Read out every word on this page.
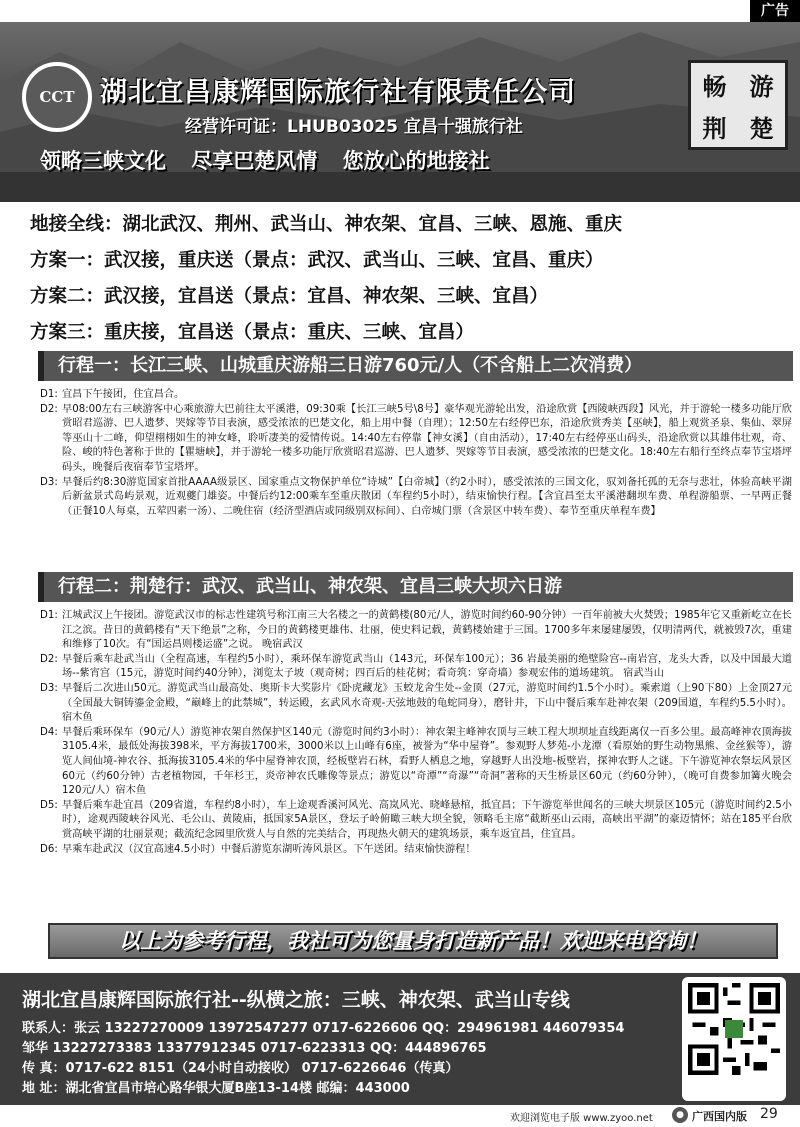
广告
CCT 湖北宜昌康辉国际旅行社有限责任公司
经营许可证：LHUB03025 宜昌十强旅行社
领略三峡文化 尽享巴楚风情 您放心的地接社
畅 游
荆 楚
地接全线：湖北武汉、荆州、武当山、神农架、宜昌、三峡、恩施、重庆
方案一：武汉接，重庆送（景点：武汉、武当山、三峡、宜昌、重庆）
方案二：武汉接，宜昌送（景点：宜昌、神农架、三峡、宜昌）
方案三：重庆接，宜昌送（景点：重庆、三峡、宜昌）
行程一：长江三峡、山城重庆游船三日游760元/人（不含船上二次消费）
D1: 宜昌下午接团，住宜昌合。
D2: 早08:00左右三峡游客中心乘旅游大巴前往太平溪港，09:30乘【长江三峡5号\8号】豪华观光游轮出发，沿途欣赏【西陵峡西段】风光，并于游轮一楼多功能厅欣赏昭君巡游、巴人遗梦、哭嫁等节目表演，感受浓浓的巴楚文化，船上用中餐（自理）；12:50左右经停巴东，沿途欣赏秀美【巫峡】，船上观赏圣泉、集仙、翠屏等巫山十二峰，仰望栩栩如生的神女峰，聆听凄美的爱情传说。14:40左右停靠【神女溪】（自由活动），17:40左右经停巫山码头，沿途欣赏以其雄伟壮观，奇、险、峻的特色著称于世的【瞿塘峡】，并于游轮一楼多功能厅欣赏昭君巡游、巴人遗梦、哭嫁等节目表演，感受浓浓的巴楚文化。18:40左右船行至终点奉节宝塔坪码头，晚餐后夜宿奉节宝塔坪。
D3: 早餐后约8:30游览国家首批AAAA级景区、国家重点文物保护单位“诗城”【白帝城】（约2小时），感受浓浓的三国文化，驭刘备托孤的无奈与悲壮，体验高峡平湖后新盆景式岛屿景观，近观夔门雄姿。中餐后约12:00乘车至重庆散团（车程约5小时），结束愉快行程。【含宜昌至太平溪港翻坝车费、单程游船票、一早两正餐（正餐10人每桌，五荤四素一汤）、二晚住宿（经济型酒店或同级别双标间）、白帝城门票（含景区中转车费）、奉节至重庆单程车费】
行程二：荆楚行：武汉、武当山、神农架、宜昌三峡大坝六日游
D1: 江城武汉上午接团。游览武汉市的标志性建筑号称江南三大名楼之一的黄鹤楼(80元/人，游览时间约60-90分钟）一百年前被大火焚毁；1985年它又重新屹立在长江之滨。昔日的黄鹤楼有“天下绝景”之称，今日的黄鹤楼更雄伟、壮丽，使史料记载，黄鹤楼始建于三国。1700多年来屡建屡毁，仅明清两代，就被毁7次，重建和维修了10次。有“国运昌则楼运盛”之说。 晚宿武汉
D2: 早餐后乘车赴武当山（全程高速，车程约5小时），乘环保车游览武当山（143元，环保车100元）；36 岩最美丽的绝壁险宫--南岩宫，龙头大香，以及中国最大道场--紫宵宫（15元，游览时间约40分钟），浏览太子坡（观奇树；四百后的桂花树；看奇筑：穿奇墙）参观宏伟的道场建筑。 宿武当山
D3: 早餐后二次进山50元。游览武当山最高处、奥斯卡大奖影片《卧虎藏龙》玉蛟龙舍生处--金顶（27元，游览时间约1.5个小时）。乘索道（上90下80）上金顶27元（全国最大铜铸鎏金金殿，“巅峰上的此禁城”，转运殿，玄武风水奇观-天弦地鼓的龟蛇同身），磨针井，下山中餐后乘车赴神农架（209国道，车程约5.5小时）。 宿木鱼
D4: 早餐后乘环保车（90元/人）游览神农架自然保护区140元（游览时间约3小时）：神农架主峰神农顶与三峡工程大坝坝址直线距离仅一百多公里。最高峰神农顶海拔3105.4米，最低处海拔398米，平方海拔1700米，3000米以上山峰有6座，被誉为“华中屋脊”。参观野人梦苑-小龙潭（看原始的野生动物黑熊、金丝猴等），游览人间仙境-神农谷、抵海拔3105.4米的华中屋脊神农顶，经板壁岩石林，看野人栖息之地，穿越野人出没地-板壁岩，探神农野人之谜。下午游览神农祭坛风景区60元（约60分钟）古老植物园，千年杉王，炎帝神农氏雕像等景点；游览以“奇潭”“奇瀑”“奇洞”著称的天生桥景区60元（约60分钟），（晚可自费参加篝火晚会120元/人）宿木鱼
D5: 早餐后乘车赴宜昌（209省道，车程约8小时），车上途观香溪河风光、高岚风光、晓峰悬棺，抵宜昌；下午游览举世闻名的三峡大坝景区105元（游览时间约2.5小时），途观西陵峡谷风光、毛公山、黄陵庙，抵国家5A景区，登坛子岭俯瞰三峡大坝全貌，领略毛主席“截断巫山云雨，高峡出平湖”的豪迈情怀；站在185平台欣赏高峡平湖的壮丽景观；截流纪念园里欣赏人与自然的完美结合，再现热火朝天的建筑场景，乘车返宜昌，住宜昌。
D6: 早乘车赴武汉（汉宜高速4.5小时）中餐后游览东湖听涛风景区。下午送团。结束愉快游程！
以上为参考行程，我社可为您量身打造新产品！欢迎来电咨询！
湖北宜昌康辉国际旅行社--纵横之旅：三峡、神农架、武当山专线
联系人：张云 13227270009 13972547277 0717-6226606 QQ：294961981 446079354
邹华 13227273383 13377912345 0717-6223313 QQ：444896765
传 真：0717-622 8151（24小时自动接收） 0717-6226646（传真）
地 址：湖北省宜昌市培心路华银大厦B座13-14楼 邮编：443000
欢迎浏览电子版 www.zyoo.net	● 广西国内版 29
